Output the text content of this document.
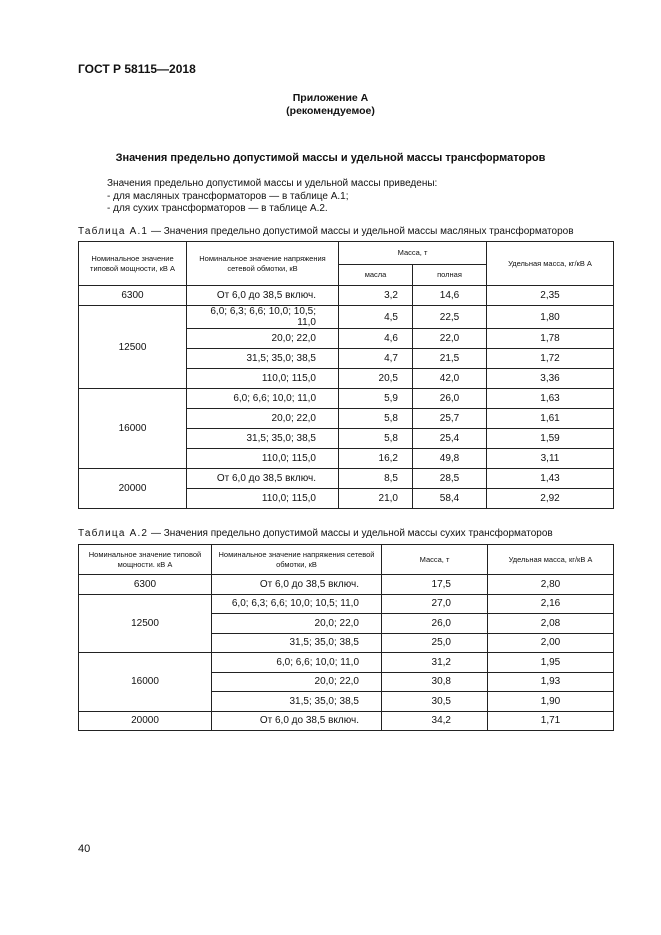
ГОСТ Р 58115—2018
Приложение А
(рекомендуемое)
Значения предельно допустимой массы и удельной массы трансформаторов
Значения предельно допустимой массы и удельной массы приведены:
- для масляных трансформаторов — в таблице А.1;
- для сухих трансформаторов — в таблице А.2.
Таблица А.1 — Значения предельно допустимой массы и удельной массы масляных трансформаторов
Номинальное значение типовой мощности, кВ А	Номинальное значение напряжения сетевой обмотки, кВ	Масса, т		Удельная масса, кг/кВ А
		масла	полная	
6300	От 6,0 до 38,5 включ.	3,2	14,6	2,35
12500	6,0; 6,3; 6,6; 10,0; 10,5; 11,0	4,5	22,5	1,80
	20,0; 22,0	4,6	22,0	1,78
	31,5; 35,0; 38,5	4,7	21,5	1,72
	110,0; 115,0	20,5	42,0	3,36
16000	6,0; 6,6; 10,0; 11,0	5,9	26,0	1,63
	20,0; 22,0	5,8	25,7	1,61
	31,5; 35,0; 38,5	5,8	25,4	1,59
	110,0; 115,0	16,2	49,8	3,11
20000	От 6,0 до 38,5 включ.	8,5	28,5	1,43
	110,0; 115,0	21,0	58,4	2,92
Таблица А.2 — Значения предельно допустимой массы и удельной массы сухих трансформаторов
Номинальное значение типовой мощности. кВ А	Номинальное значение напряжения сетевой обмотки, кВ	Масса, т	Удельная масса, кг/кВ А
6300	От 6,0 до 38,5 включ.	17,5	2,80
12500	6,0; 6,3; 6,6; 10,0; 10,5; 11,0	27,0	2,16
	20,0; 22,0	26,0	2,08
	31,5; 35,0; 38,5	25,0	2,00
16000	6,0; 6,6; 10,0; 11,0	31,2	1,95
	20,0; 22,0	30,8	1,93
	31,5; 35,0; 38,5	30,5	1,90
20000	От 6,0 до 38,5 включ.	34,2	1,71
40
